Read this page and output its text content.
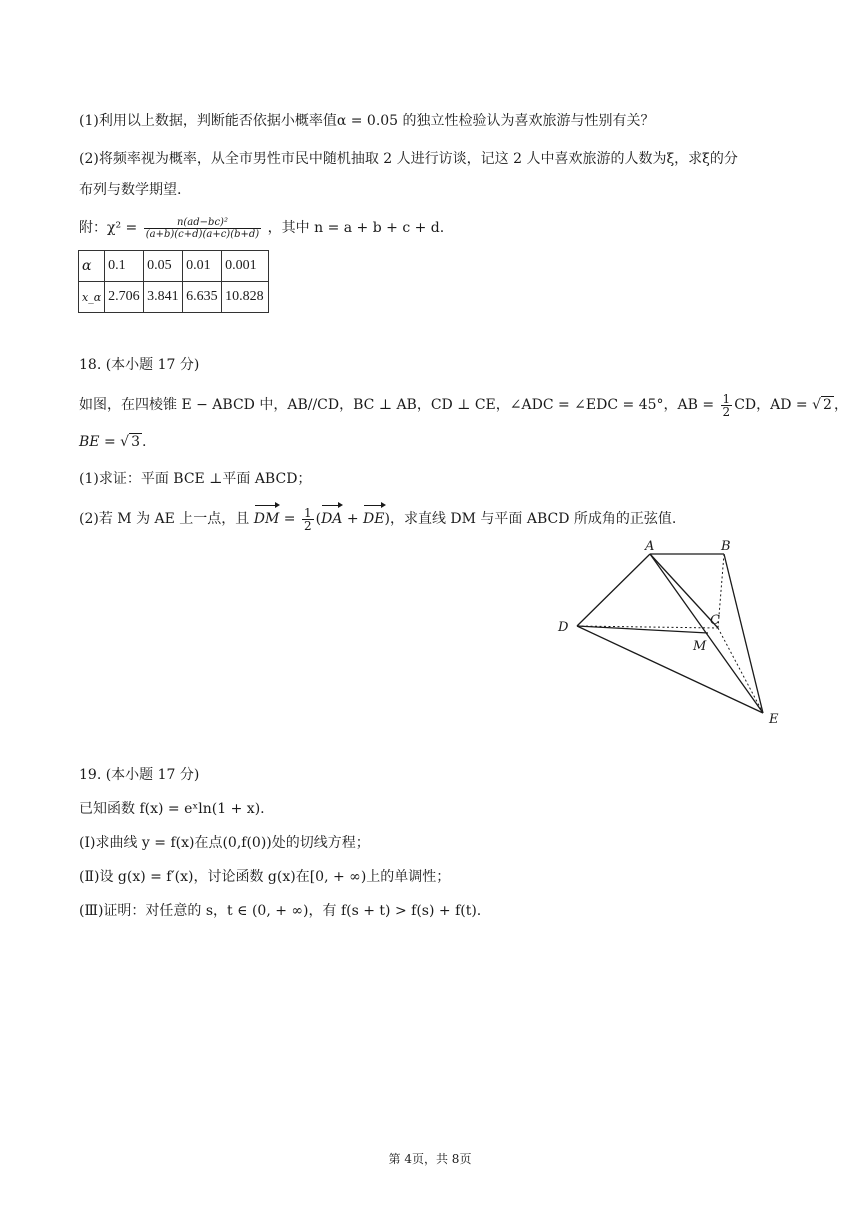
(1)利用以上数据，判断能否依据小概率值α = 0.05 的独立性检验认为喜欢旅游与性别有关？
(2)将频率视为概率，从全市男性市民中随机抽取 2 人进行访谈，记这 2 人中喜欢旅游的人数为ξ，求ξ的分
布列与数学期望.
附：$\chi^2 = \frac{\text{n(ad−bc)²}}{(a+b)(c+d)(a+c)(b+d)}$ ，其中 n = a + b + c + d.
α	0.1	0.05	0.01	0.001
x_α	2.706	3.841	6.635	10.828
18. (本小题 17 分)
如图，在四棱锥 E − ABCD 中，AB//CD，BC ⊥ AB，CD ⊥ CE，∠ADC = ∠EDC = 45°，AB = $\frac{1}{2}$ CD，AD = √ 2 ，
BE = √ 3 .
(1)求证：平面 BCE ⊥平面 ABCD；
(2)若 M 为 AE 上一点，且 DM = $\frac{1}{2} (DA + DE)$，求直线 DM 与平面 ABCD 所成角的正弦值.
A	B
C
D
M
E
19. (本小题 17 分)
已知函数 f(x) = eˣln(1 + x).
(Ⅰ)求曲线 y = f(x)在点(0,f(0))处的切线方程；
(Ⅱ)设 g(x) = f′(x)，讨论函数 g(x)在[0, + ∞)上的单调性；
(Ⅲ)证明：对任意的 s，t ∈ (0, + ∞)，有 f(s + t) > f(s) + f(t).
第 4页，共 8页
